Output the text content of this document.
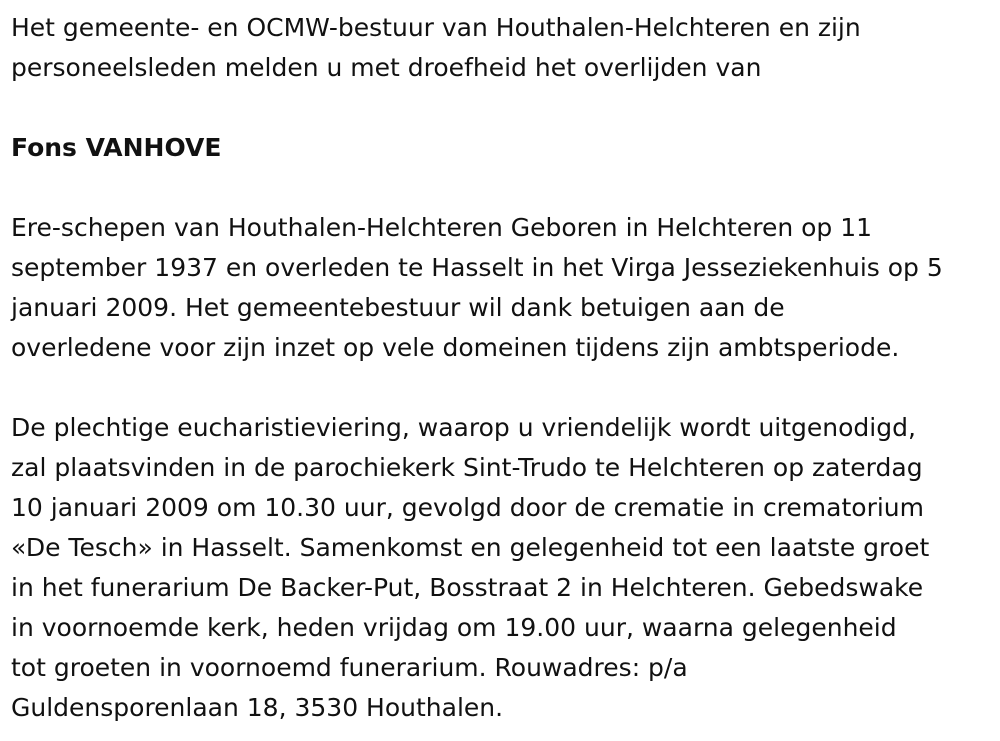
Het gemeente- en OCMW-bestuur van Houthalen-Helchteren en zijn
personeelsleden melden u met droefheid het overlijden van
Fons VANHOVE
Ere-schepen van Houthalen-Helchteren Geboren in Helchteren op 11
september 1937 en overleden te Hasselt in het Virga Jesseziekenhuis op 5
januari 2009. Het gemeentebestuur wil dank betuigen aan de
overledene voor zijn inzet op vele domeinen tijdens zijn ambtsperiode.
De plechtige eucharistieviering, waarop u vriendelijk wordt uitgenodigd,
zal plaatsvinden in de parochiekerk Sint-Trudo te Helchteren op zaterdag
10 januari 2009 om 10.30 uur, gevolgd door de crematie in crematorium
«De Tesch» in Hasselt. Samenkomst en gelegenheid tot een laatste groet
in het funerarium De Backer-Put, Bosstraat 2 in Helchteren. Gebedswake
in voornoemde kerk, heden vrijdag om 19.00 uur, waarna gelegenheid
tot groeten in voornoemd funerarium. Rouwadres: p/a
Guldensporenlaan 18, 3530 Houthalen.
